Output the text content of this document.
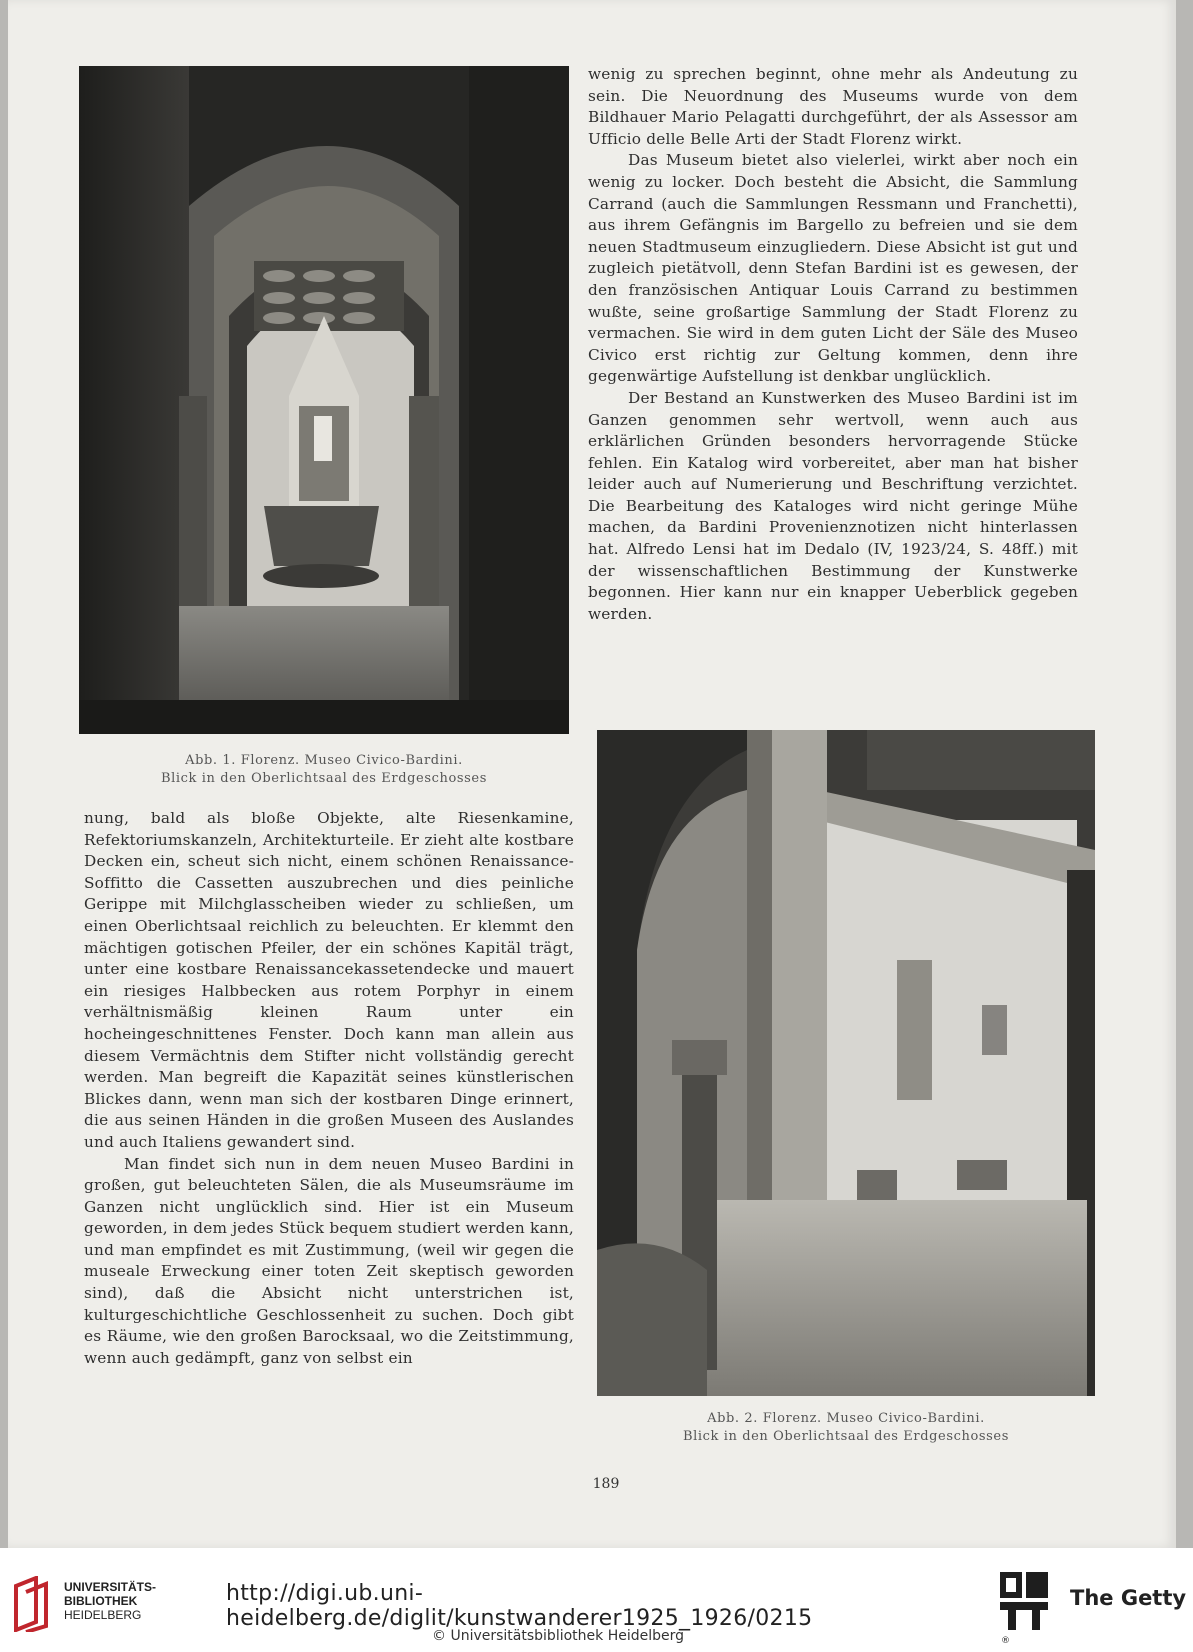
Abb. 1. Florenz. Museo Civico-Bardini.
Blick in den Oberlichtsaal des Erdgeschosses

wenig zu sprechen beginnt, ohne mehr als Andeutung zu sein. Die Neuordnung des Museums wurde von dem Bildhauer Mario Pelagatti durchgeführt, der als Assessor am Ufficio delle Belle Arti der Stadt Florenz wirkt.

Das Museum bietet also vielerlei, wirkt aber noch ein wenig zu locker. Doch besteht die Absicht, die Sammlung Carrand (auch die Sammlungen Ressmann und Franchetti), aus ihrem Gefängnis im Bargello zu befreien und sie dem neuen Stadtmuseum einzugliedern. Diese Absicht ist gut und zugleich pietätvoll, denn Stefan Bardini ist es gewesen, der den französischen Antiquar Louis Carrand zu bestimmen wußte, seine großartige Sammlung der Stadt Florenz zu vermachen. Sie wird in dem guten Licht der Säle des Museo Civico erst richtig zur Geltung kommen, denn ihre gegenwärtige Aufstellung ist denkbar unglücklich.

Der Bestand an Kunstwerken des Museo Bardini ist im Ganzen genommen sehr wertvoll, wenn auch aus erklärlichen Gründen besonders hervorragende Stücke fehlen. Ein Katalog wird vorbereitet, aber man hat bisher leider auch auf Numerierung und Beschriftung verzichtet. Die Bearbeitung des Kataloges wird nicht geringe Mühe machen, da Bardini Provenienznotizen nicht hinterlassen hat. Alfredo Lensi hat im Dedalo (IV, 1923/24, S. 48ff.) mit der wissenschaftlichen Bestimmung der Kunstwerke begonnen. Hier kann nur ein knapper Ueberblick gegeben werden.

Abb. 2. Florenz. Museo Civico-Bardini.
Blick in den Oberlichtsaal des Erdgeschosses

nung, bald als bloße Objekte, alte Riesenkamine, Refektoriumskanzeln, Architekturteile. Er zieht alte kostbare Decken ein, scheut sich nicht, einem schönen Renaissance-Soffitto die Cassetten auszubrechen und dies peinliche Gerippe mit Milchglasscheiben wieder zu schließen, um einen Oberlichtsaal reichlich zu beleuchten. Er klemmt den mächtigen gotischen Pfeiler, der ein schönes Kapitäl trägt, unter eine kostbare Renaissancekassetendecke und mauert ein riesiges Halbbecken aus rotem Porphyr in einem verhältnismäßig kleinen Raum unter ein hocheingeschnittenes Fenster. Doch kann man allein aus diesem Vermächtnis dem Stifter nicht vollständig gerecht werden. Man begreift die Kapazität seines künstlerischen Blickes dann, wenn man sich der kostbaren Dinge erinnert, die aus seinen Händen in die großen Museen des Auslandes und auch Italiens gewandert sind.

Man findet sich nun in dem neuen Museo Bardini in großen, gut beleuchteten Sälen, die als Museumsräume im Ganzen nicht unglücklich sind. Hier ist ein Museum geworden, in dem jedes Stück bequem studiert werden kann, und man empfindet es mit Zustimmung, (weil wir gegen die museale Erweckung einer toten Zeit skeptisch geworden sind), daß die Absicht nicht unterstrichen ist, kulturgeschichtliche Geschlossenheit zu suchen. Doch gibt es Räume, wie den großen Barocksaal, wo die Zeitstimmung, wenn auch gedämpft, ganz von selbst ein

189
UNIVERSITÄTS-
BIBLIOTHEK
HEIDELBERG
http://digi.ub.uni-heidelberg.de/diglit/kunstwanderer1925_1926/0215
© Universitätsbibliothek Heidelberg	®
The Getty
